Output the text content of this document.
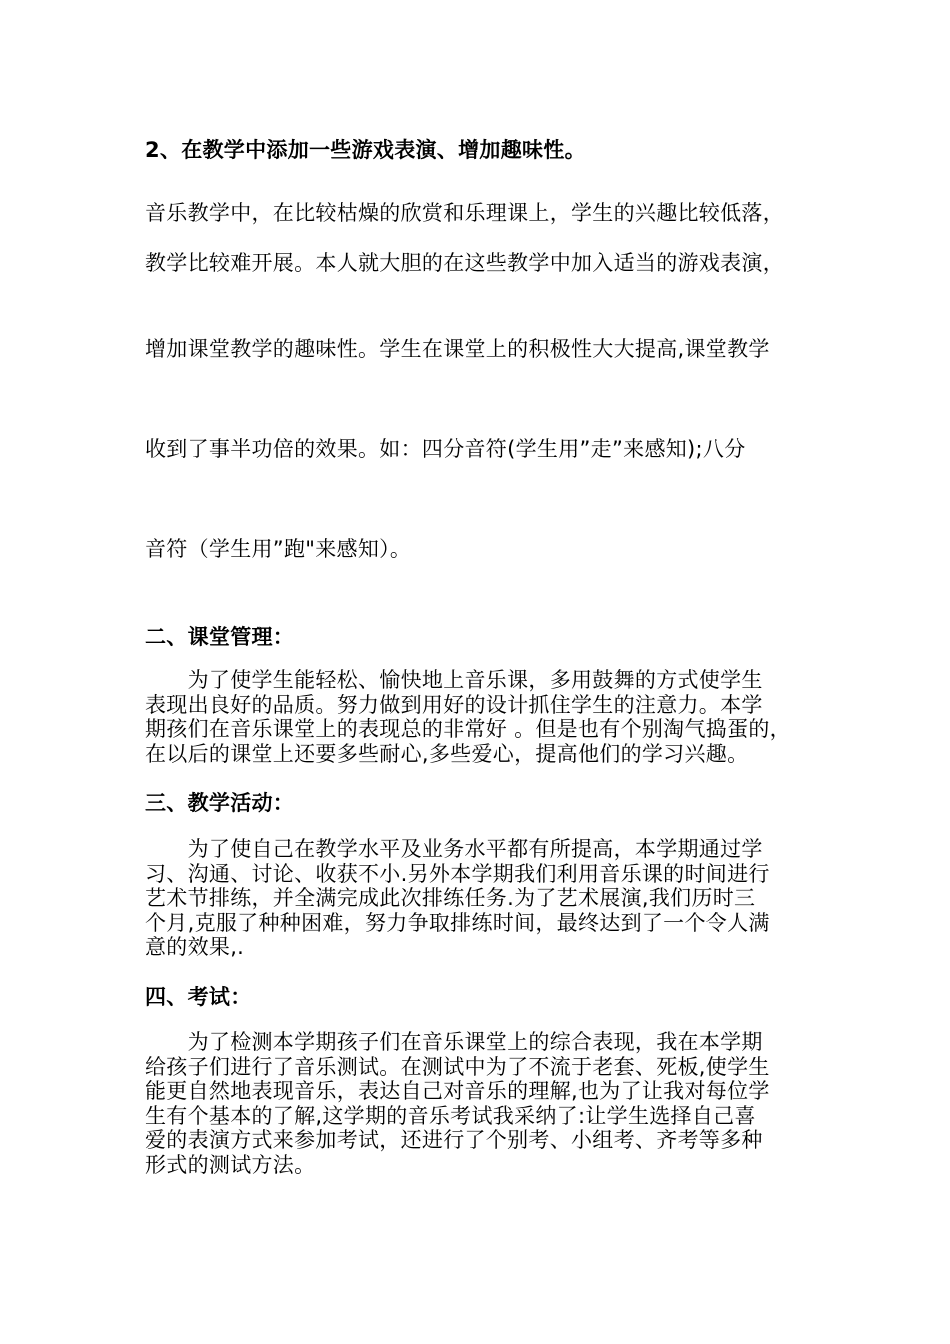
2、在教学中添加一些游戏表演、增加趣味性。

音乐教学中，在比较枯燥的欣赏和乐理课上，学生的兴趣比较低落，

教学比较难开展。本人就大胆的在这些教学中加入适当的游戏表演，

增加课堂教学的趣味性。学生在课堂上的积极性大大提高,课堂教学

收到了事半功倍的效果。如：四分音符(学生用”走”来感知);八分

音符（学生用”跑"来感知）。

二、课堂管理：

　　为了使学生能轻松、愉快地上音乐课，多用鼓舞的方式使学生
表现出良好的品质。努力做到用好的设计抓住学生的注意力。本学
期孩们在音乐课堂上的表现总的非常好 。但是也有个别淘气捣蛋的，
在以后的课堂上还要多些耐心,多些爱心，提高他们的学习兴趣。

三、教学活动：

　　为了使自己在教学水平及业务水平都有所提高，本学期通过学
习、沟通、讨论、收获不小.另外本学期我们利用音乐课的时间进行
艺术节排练，并全满完成此次排练任务.为了艺术展演,我们历时三
个月,克服了种种困难，努力争取排练时间，最终达到了一个令人满
意的效果,.

四、考试：

　　为了检测本学期孩子们在音乐课堂上的综合表现，我在本学期
给孩子们进行了音乐测试。在测试中为了不流于老套、死板,使学生
能更自然地表现音乐，表达自己对音乐的理解,也为了让我对每位学
生有个基本的了解,这学期的音乐考试我采纳了:让学生选择自己喜
爱的表演方式来参加考试，还进行了个别考、小组考、齐考等多种
形式的测试方法。
